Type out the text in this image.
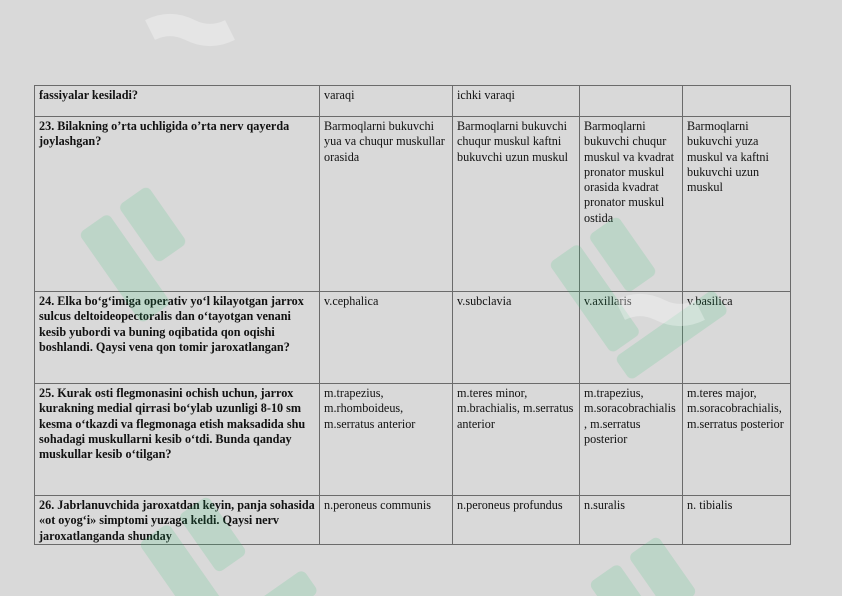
fassiyalar kesiladi?	varaqi	ichki varaqi		
23. Bilakning o’rta uchligida o’rta nerv qayerda joylashgan?	Barmoqlarni bukuvchi yua va chuqur muskullar orasida	Barmoqlarni bukuvchi chuqur muskul kaftni bukuvchi uzun muskul	Barmoqlarni bukuvchi chuqur muskul va kvadrat pronator muskul orasida kvadrat pronator muskul ostida	Barmoqlarni bukuvchi yuza muskul va kaftni bukuvchi uzun muskul
24. Elka bo‘g‘imiga operativ yo‘l kilayotgan jarrox sulcus deltoideopectoralis dan o‘tayotgan venani kesib yubordi va buning oqibatida qon oqishi boshlandi. Qaysi vena qon tomir jaroxatlangan?	v.cephalica	v.subclavia	v.axillaris	v.basilica
25. Kurak osti flegmonasini ochish uchun, jarrox kurakning medial qirrasi bo‘ylab uzunligi 8-10 sm kesma o‘tkazdi va flegmonaga etish maksadida shu sohadagi muskullarni kesib o‘tdi. Bunda qanday muskullar kesib o‘tilgan?	m.trapezius, m.rhomboideus, m.serratus anterior	m.teres minor, m.brachialis, m.serratus anterior	m.trapezius, m.soracobrachialis, m.serratus posterior	m.teres major, m.soracobrachialis, m.serratus posterior
26. Jabrlanuvchida jaroxatdan keyin, panja sohasida «ot oyog‘i» simptomi yuzaga keldi. Qaysi nerv jaroxatlanganda shunday	n.peroneus communis	n.peroneus profundus	n.suralis	n. tibialis
